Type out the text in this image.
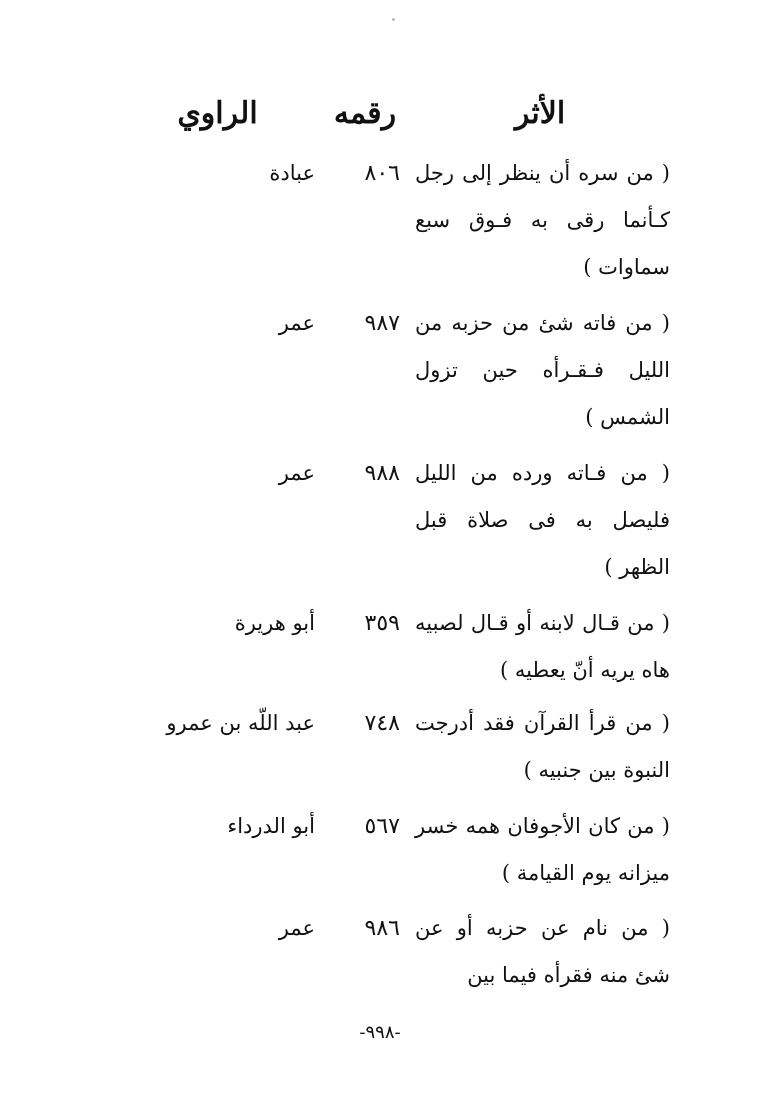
الأثر
رقمه
الراوي
( من سره أن ينظر إلى رجل كـأنما رقى به فـوق سبع سماوات )
٨٠٦
عبادة
( من فاته شئ من حزبه من الليل فـقـرأه حين تزول الشمس )
٩٨٧
عمر
( من فـاته ورده من الليل فليصل به فى صلاة قبل الظهر )
٩٨٨
عمر
( من قـال لابنه أو قـال لصبيه هاه يريه أنّ يعطيه )
٣٥٩
أبو هريرة
( من قرأ القرآن فقد أدرجت النبوة بين جنبيه )
٧٤٨
عبد اللّه بن عمرو
( من كان الأجوفان همه خسر ميزانه يوم القيامة )
٥٦٧
أبو الدرداء
( من نام عن حزبه أو عن شئ منه فقرأه فيما بين
٩٨٦
عمر
-٩٩٨-
